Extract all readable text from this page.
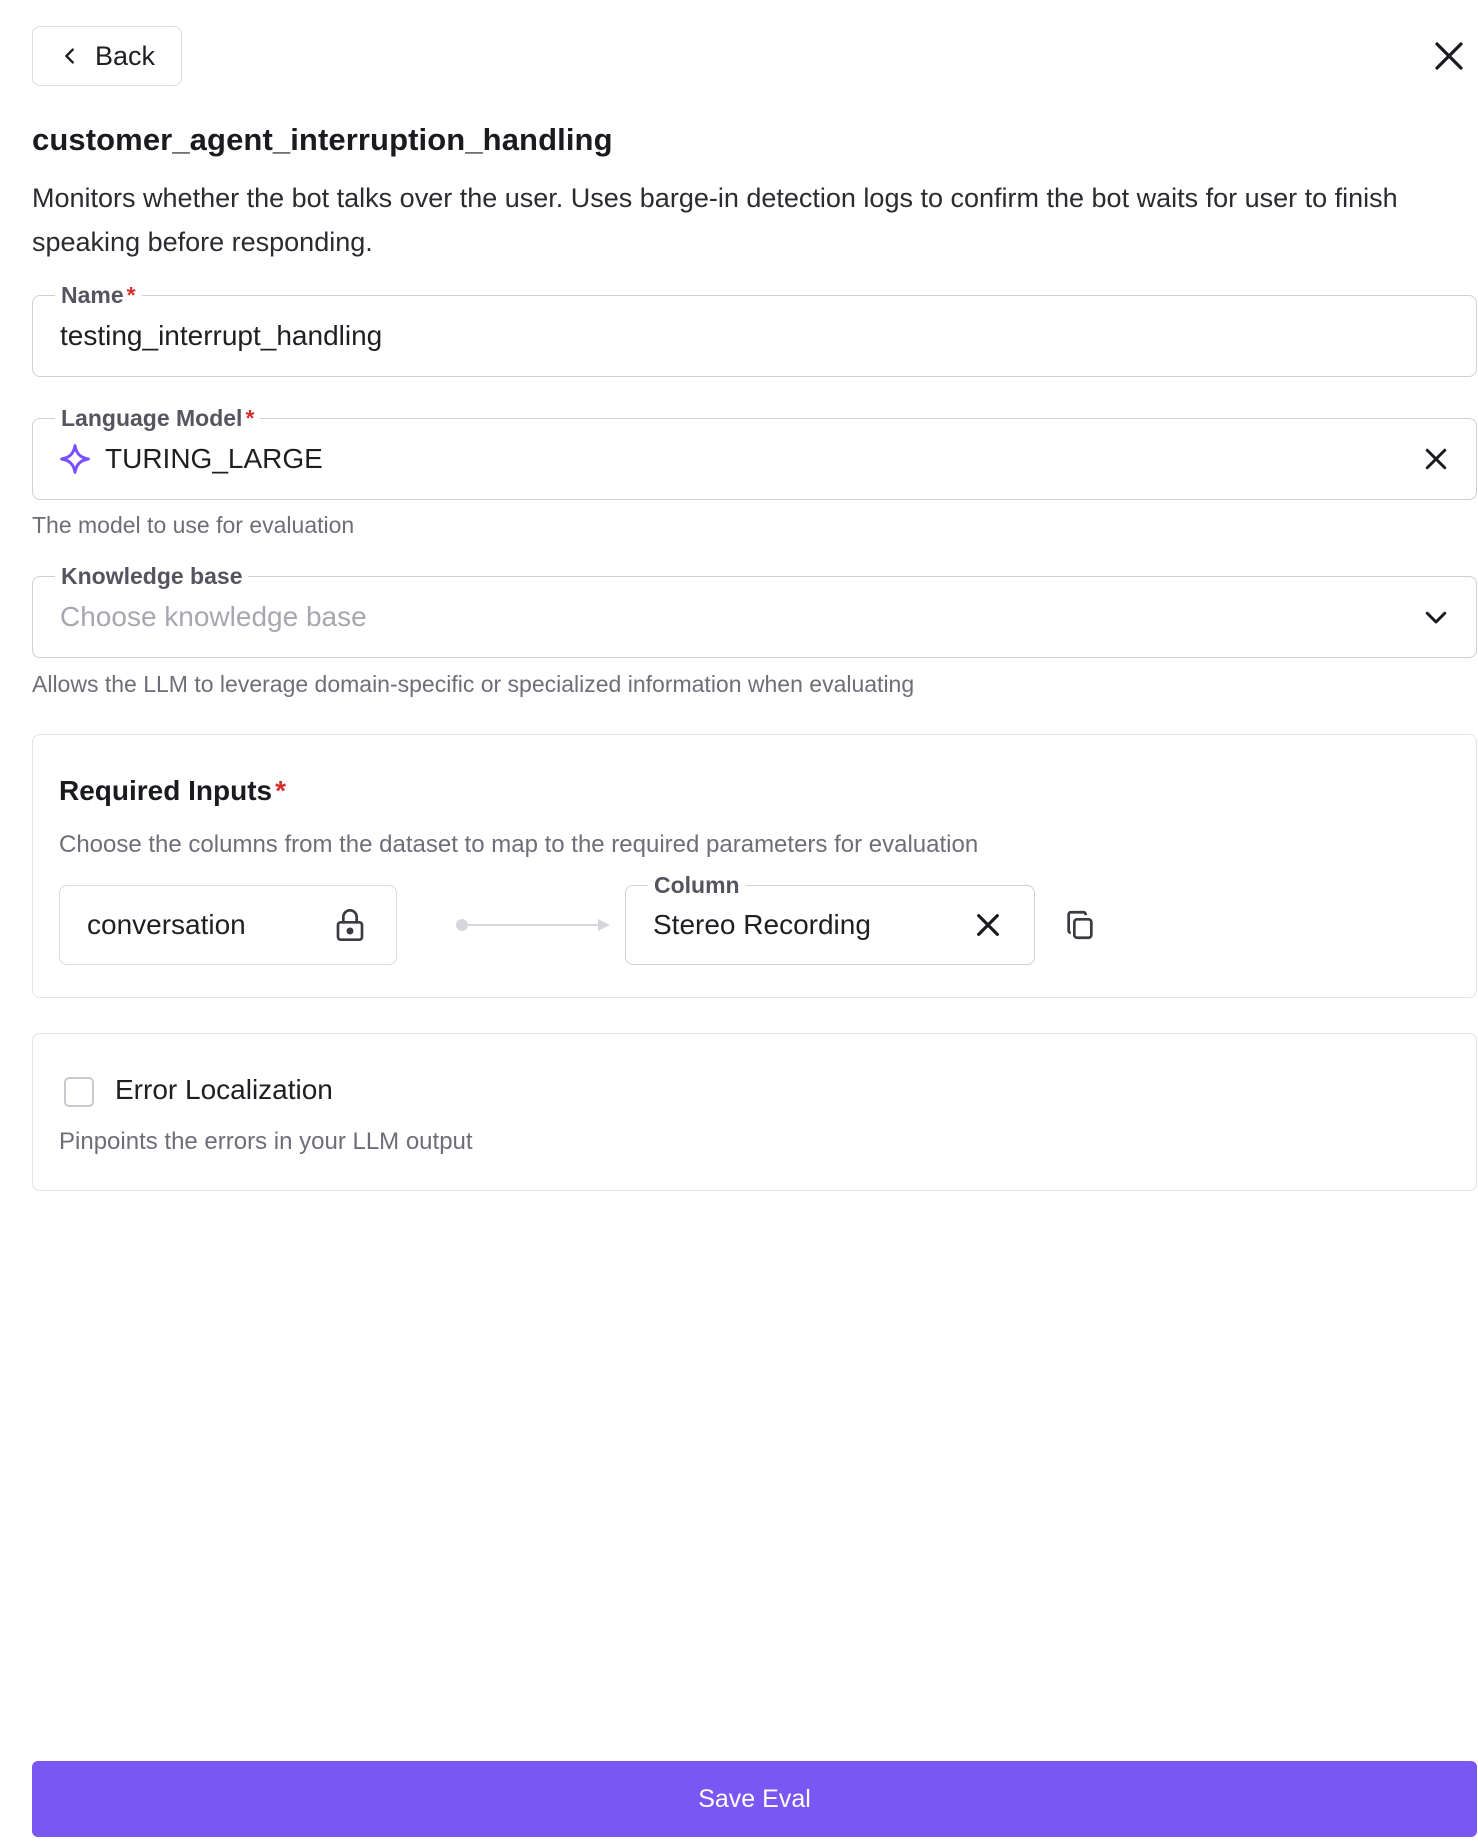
Back
customer_agent_interruption_handling
Monitors whether the bot talks over the user. Uses barge-in detection logs to confirm the bot waits for user to finish speaking before responding.
Name *
testing_interrupt_handling
Language Model *
TURING_LARGE
The model to use for evaluation
Knowledge base
Choose knowledge base
Allows the LLM to leverage domain-specific or specialized information when evaluating
Required Inputs *
Choose the columns from the dataset to map to the required parameters for evaluation
conversation
Column
Stereo Recording
Error Localization
Pinpoints the errors in your LLM output
Save Eval
